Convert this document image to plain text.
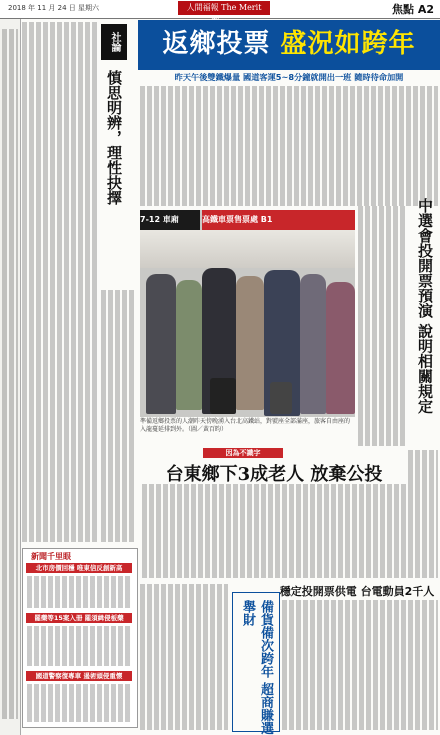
2018 年 11 月 24 日 星期六	人間福報 The Merit	焦點 A2
社論
慎思明辨，理性抉擇
新聞千里眼
北市房價回穩 唯東信反創新高
罷藥等15案入冊 罷須緝侵板藥
國道警察復專車 遏術頭侵重懷
返鄉投票 盛況如跨年
昨天午後雙鐵爆量 國道客運5~8分鐘就開出一班 隨時待命加開
中選會投開票預演 說明相關規定
7-12 車廂	高鐵車票售票處 B1
準備返鄉投票的人潮昨天傍晚湧入台北高鐵站，對號座全部滿座，旅客自由座的入龍蔓延排到外。（圖／黃百昀）
因為不識字
台東鄉下3成老人 放棄公投
穩定投開票供電 台電動員2千人
備貨備次跨年 超商賺選舉財
